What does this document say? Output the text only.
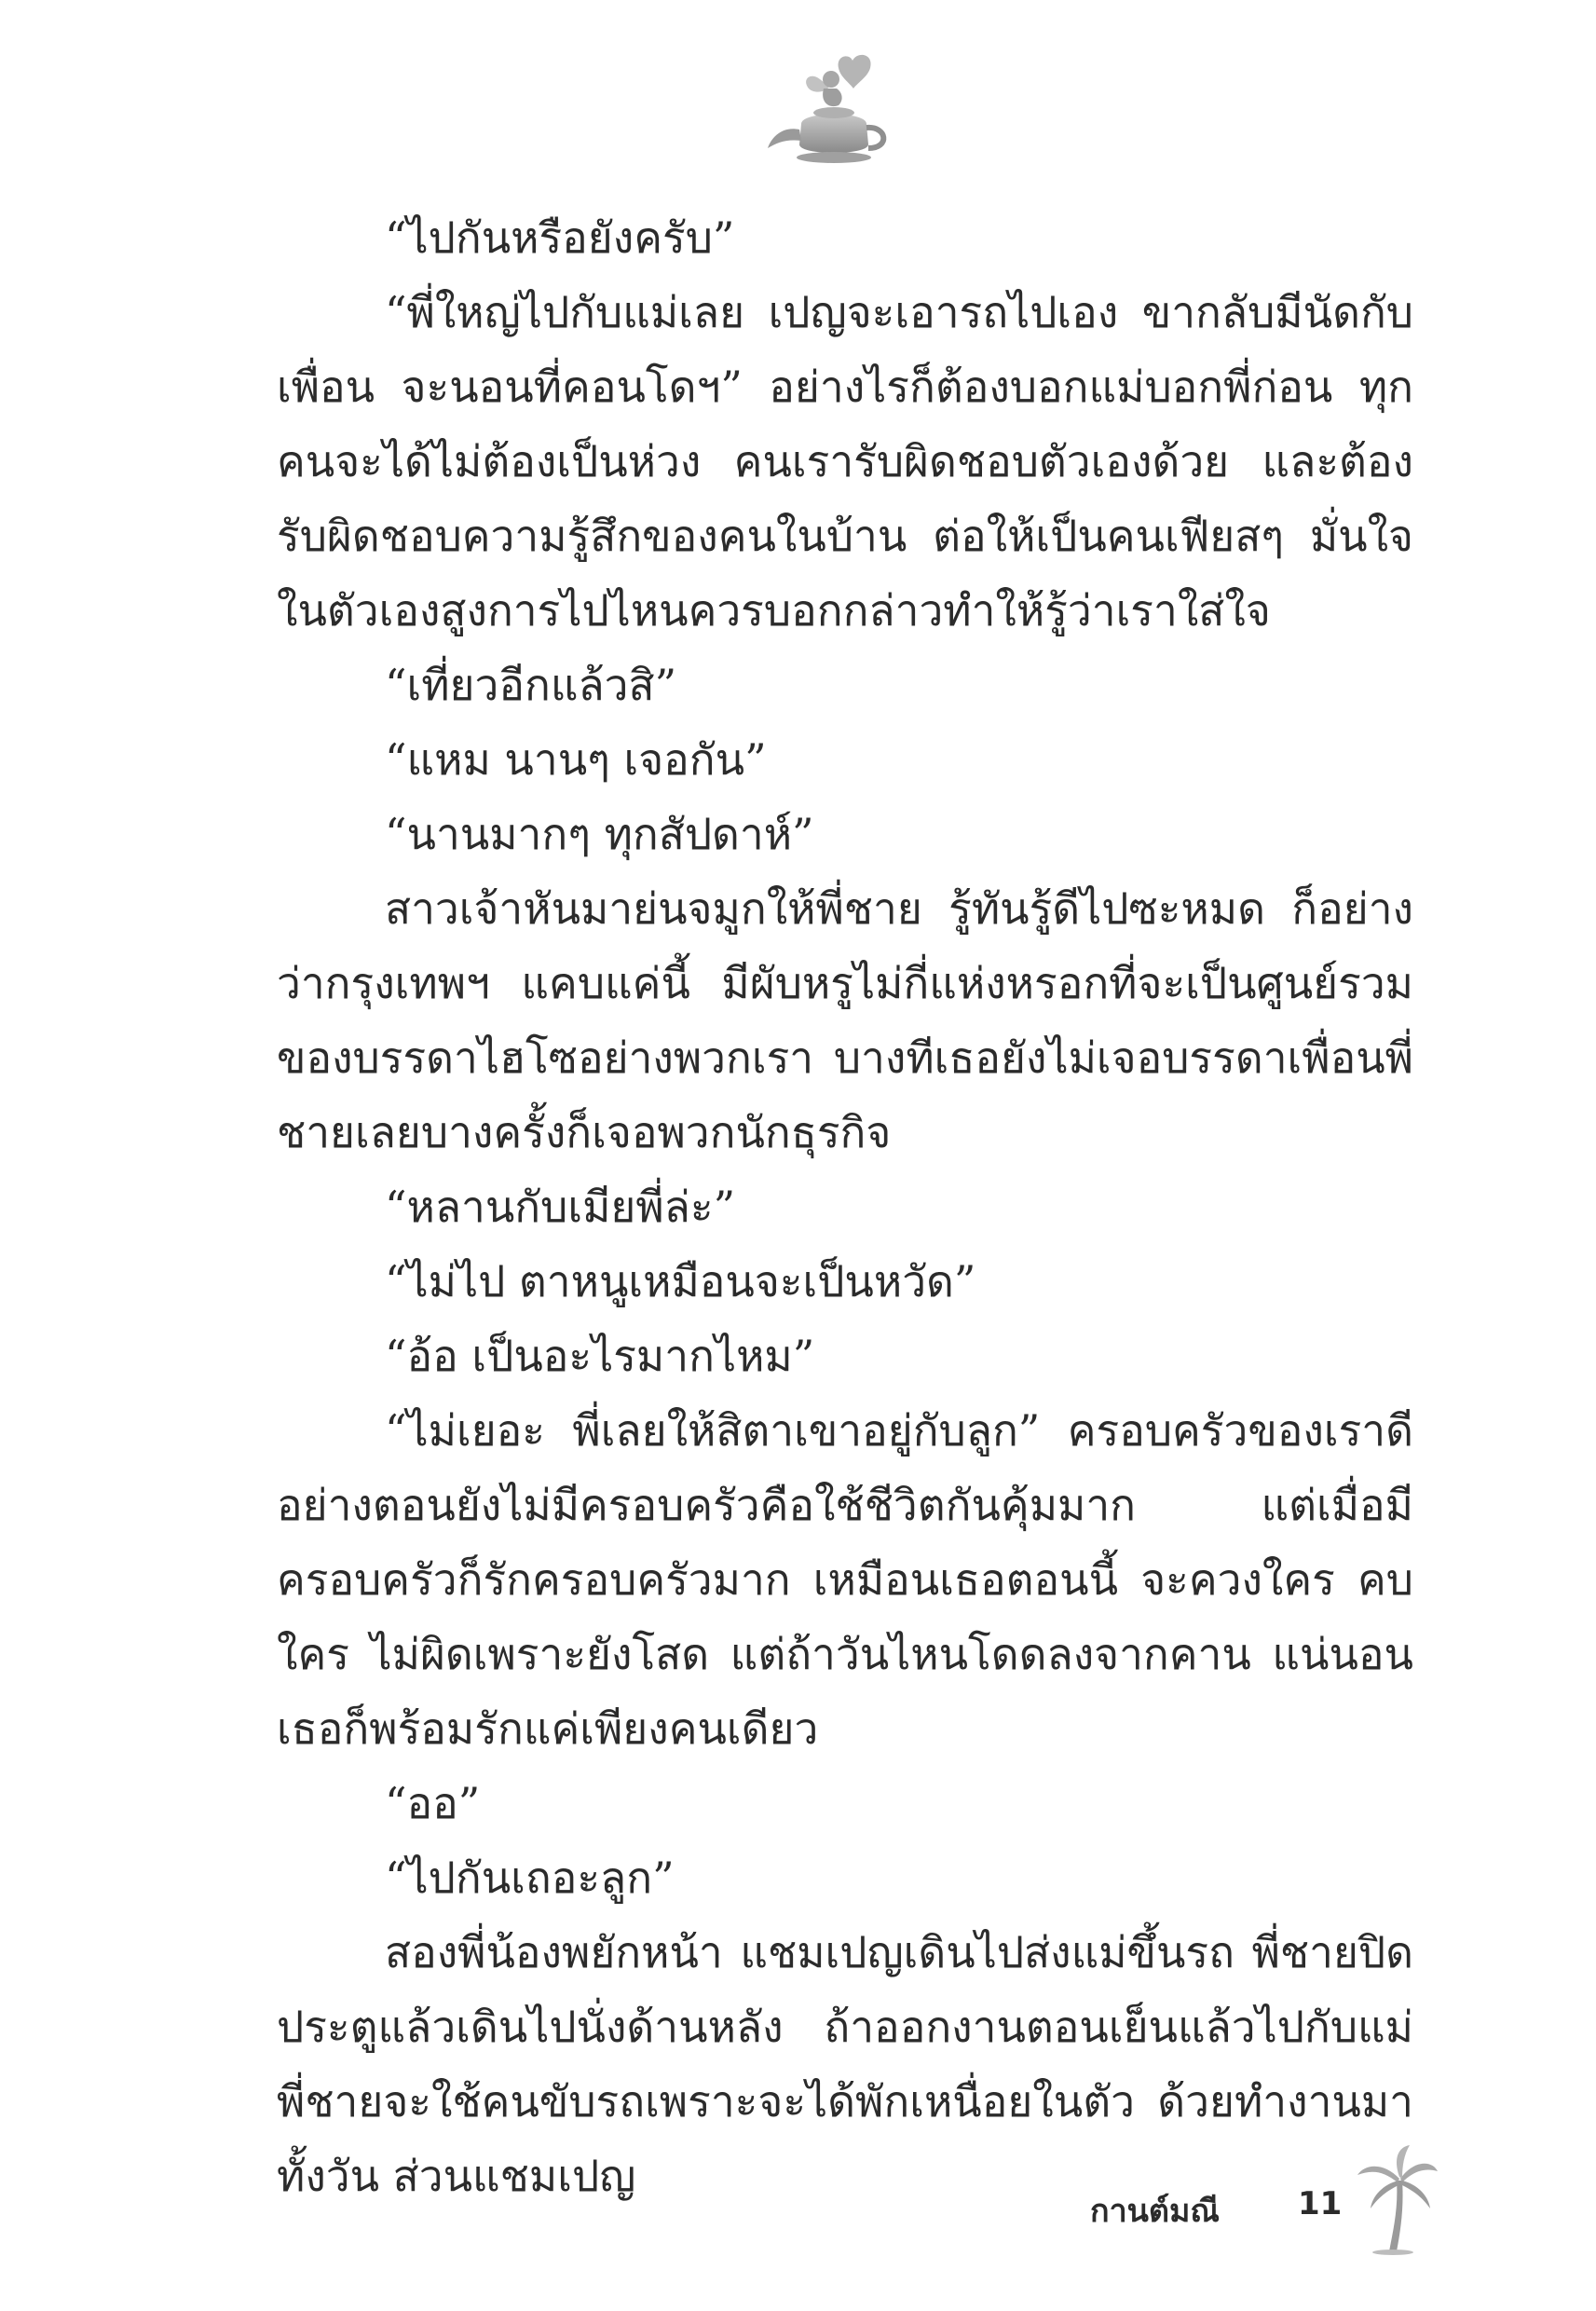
“ไปกันหรือยังครับ”

“พี่ใหญ่ไปกับแม่เลย เปญจะเอารถไปเอง ขากลับมีนัดกับเพื่อน จะนอนที่คอนโดฯ” อย่างไรก็ต้องบอกแม่บอกพี่ก่อน ทุกคนจะได้ไม่ต้องเป็นห่วง คนเรารับผิดชอบตัวเองด้วย และต้องรับผิดชอบความรู้สึกของคนในบ้าน ต่อให้เป็นคนเฟียสๆ มั่นใจในตัวเองสูงการไปไหนควรบอกกล่าวทำให้รู้ว่าเราใส่ใจ

“เที่ยวอีกแล้วสิ”

“แหม นานๆ เจอกัน”

“นานมากๆ ทุกสัปดาห์”

สาวเจ้าหันมาย่นจมูกให้พี่ชาย รู้ทันรู้ดีไปซะหมด ก็อย่างว่ากรุงเทพฯ แคบแค่นี้ มีผับหรูไม่กี่แห่งหรอกที่จะเป็นศูนย์รวมของบรรดาไฮโซอย่างพวกเรา บางทีเธอยังไม่เจอบรรดาเพื่อนพี่ชายเลยบางครั้งก็เจอพวกนักธุรกิจ

“หลานกับเมียพี่ล่ะ”

“ไม่ไป ตาหนูเหมือนจะเป็นหวัด”

“อ้อ เป็นอะไรมากไหม”

“ไม่เยอะ พี่เลยให้สิตาเขาอยู่กับลูก” ครอบครัวของเราดีอย่างตอนยังไม่มีครอบครัวคือใช้ชีวิตกันคุ้มมาก แต่เมื่อมีครอบครัวก็รักครอบครัวมาก เหมือนเธอตอนนี้ จะควงใคร คบใคร ไม่ผิดเพราะยังโสด แต่ถ้าวันไหนโดดลงจากคาน แน่นอนเธอก็พร้อมรักแค่เพียงคนเดียว

“ออ”

“ไปกันเถอะลูก”

สองพี่น้องพยักหน้า แชมเปญเดินไปส่งแม่ขึ้นรถ พี่ชายปิดประตูแล้วเดินไปนั่งด้านหลัง ถ้าออกงานตอนเย็นแล้วไปกับแม่ พี่ชายจะใช้คนขับรถเพราะจะได้พักเหนื่อยในตัว ด้วยทำงานมาทั้งวัน ส่วนแชมเปญ

กานต์มณี 11
